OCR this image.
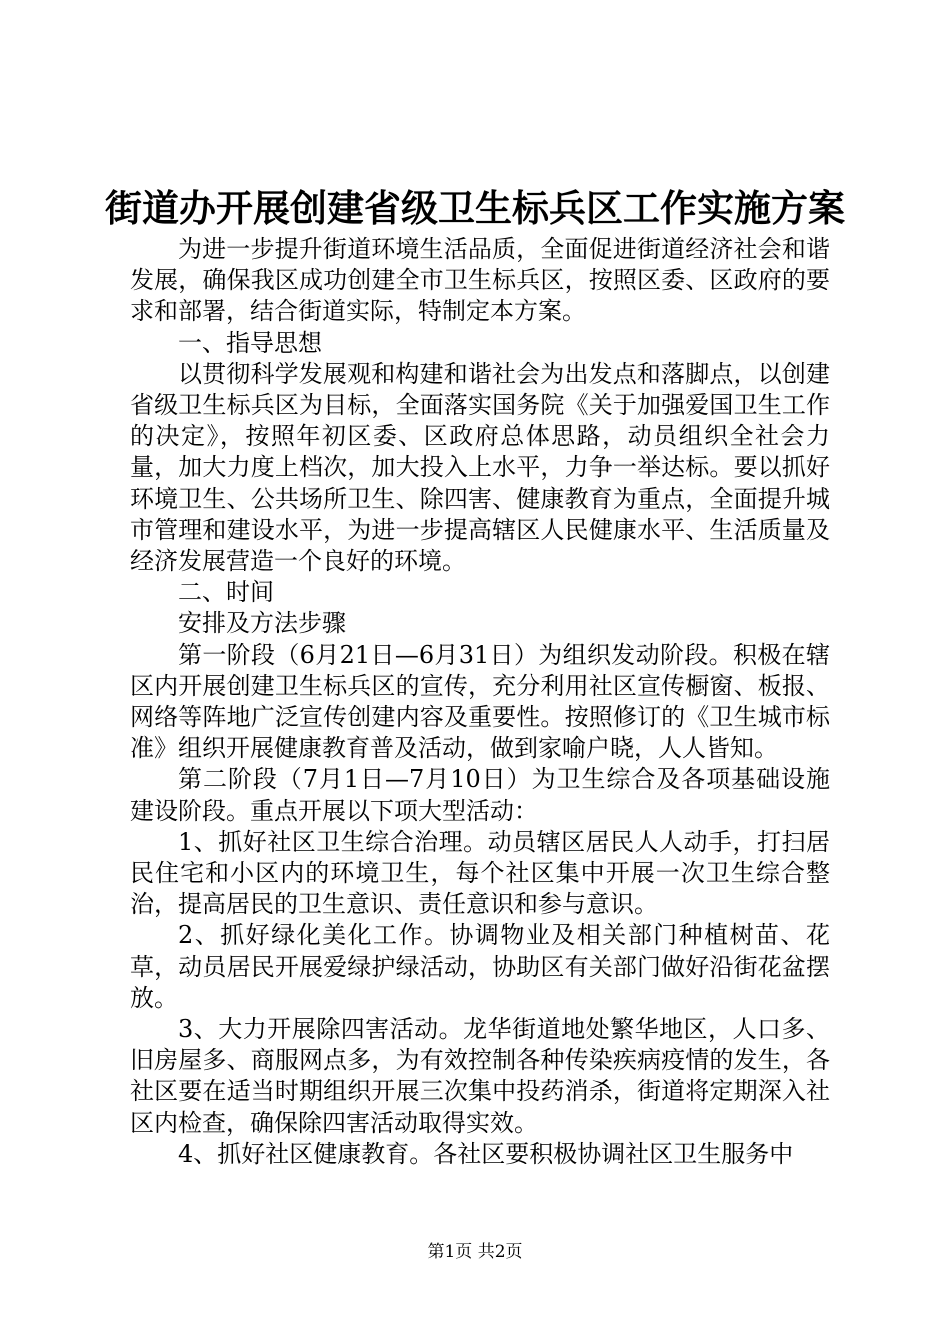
街道办开展创建省级卫生标兵区工作实施方案

为进一步提升街道环境生活品质，全面促进街道经济社会和谐发展，确保我区成功创建全市卫生标兵区，按照区委、区政府的要求和部署，结合街道实际，特制定本方案。

一、指导思想

以贯彻科学发展观和构建和谐社会为出发点和落脚点，以创建省级卫生标兵区为目标，全面落实国务院《关于加强爱国卫生工作的决定》，按照年初区委、区政府总体思路，动员组织全社会力量，加大力度上档次，加大投入上水平，力争一举达标。要以抓好环境卫生、公共场所卫生、除四害、健康教育为重点，全面提升城市管理和建设水平，为进一步提高辖区人民健康水平、生活质量及经济发展营造一个良好的环境。

二、时间

安排及方法步骤

第一阶段（6月21日—6月31日）为组织发动阶段。积极在辖区内开展创建卫生标兵区的宣传，充分利用社区宣传橱窗、板报、网络等阵地广泛宣传创建内容及重要性。按照修订的《卫生城市标准》组织开展健康教育普及活动，做到家喻户晓，人人皆知。

第二阶段（7月1日—7月10日）为卫生综合及各项基础设施建设阶段。重点开展以下项大型活动：

1、抓好社区卫生综合治理。动员辖区居民人人动手，打扫居民住宅和小区内的环境卫生，每个社区集中开展一次卫生综合整治，提高居民的卫生意识、责任意识和参与意识。

2、抓好绿化美化工作。协调物业及相关部门种植树苗、花草，动员居民开展爱绿护绿活动，协助区有关部门做好沿街花盆摆放。

3、大力开展除四害活动。龙华街道地处繁华地区，人口多、旧房屋多、商服网点多，为有效控制各种传染疾病疫情的发生，各社区要在适当时期组织开展三次集中投药消杀，街道将定期深入社区内检查，确保除四害活动取得实效。

4、抓好社区健康教育。各社区要积极协调社区卫生服务中

第1页 共2页
